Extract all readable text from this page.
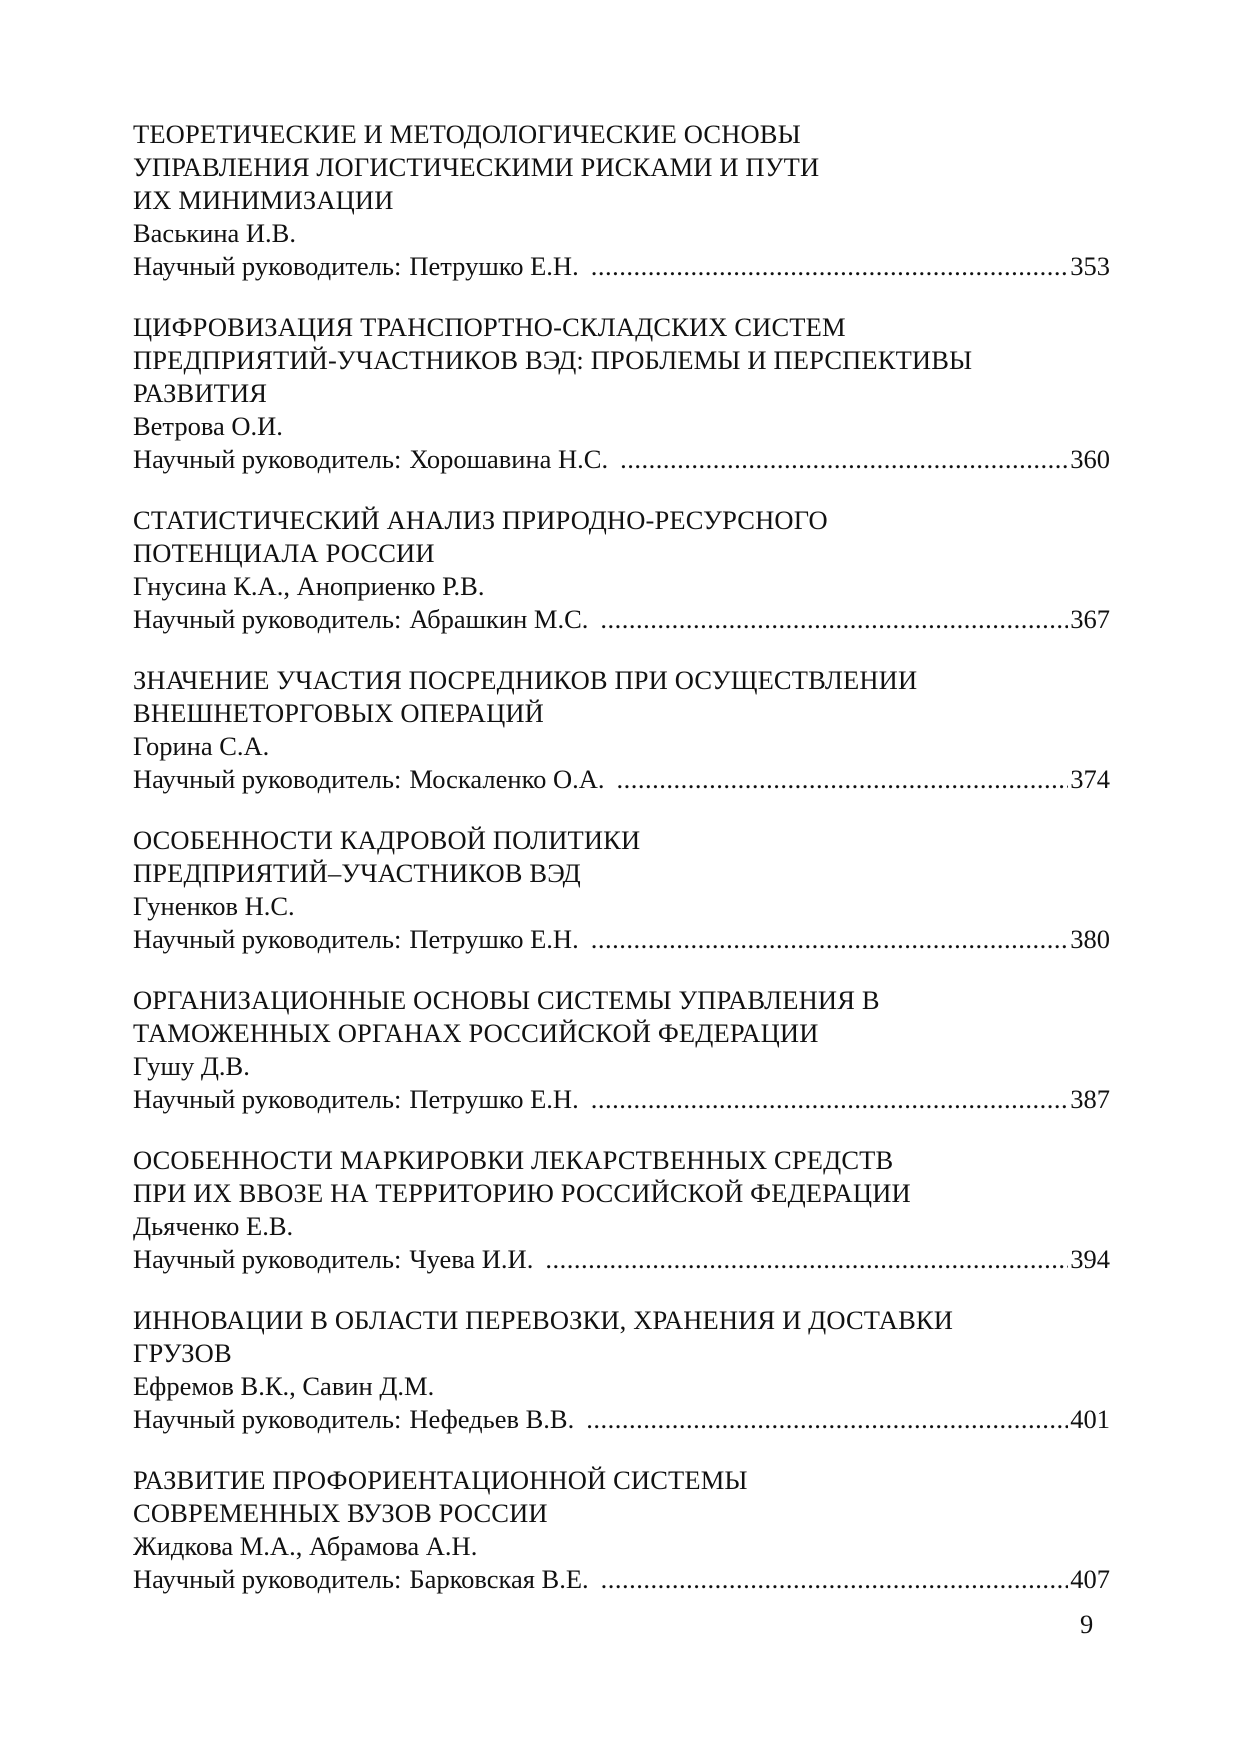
ТЕОРЕТИЧЕСКИЕ И МЕТОДОЛОГИЧЕСКИЕ ОСНОВЫ
УПРАВЛЕНИЯ ЛОГИСТИЧЕСКИМИ РИСКАМИ И ПУТИ
ИХ МИНИМИЗАЦИИ
Васькина И.В.
Научный руководитель: Петрушко Е.Н. .....	353
ЦИФРОВИЗАЦИЯ ТРАНСПОРТНО-СКЛАДСКИХ СИСТЕМ
ПРЕДПРИЯТИЙ-УЧАСТНИКОВ ВЭД: ПРОБЛЕМЫ И ПЕРСПЕКТИВЫ
РАЗВИТИЯ
Ветрова О.И.
Научный руководитель: Хорошавина Н.С. .....	360
СТАТИСТИЧЕСКИЙ АНАЛИЗ ПРИРОДНО-РЕСУРСНОГО
ПОТЕНЦИАЛА РОССИИ
Гнусина К.А., Аноприенко Р.В.
Научный руководитель: Абрашкин М.С. .....	367
ЗНАЧЕНИЕ УЧАСТИЯ ПОСРЕДНИКОВ ПРИ ОСУЩЕСТВЛЕНИИ
ВНЕШНЕТОРГОВЫХ ОПЕРАЦИЙ
Горина С.А.
Научный руководитель: Москаленко О.А. .....	374
ОСОБЕННОСТИ КАДРОВОЙ ПОЛИТИКИ
ПРЕДПРИЯТИЙ–УЧАСТНИКОВ ВЭД
Гуненков Н.С.
Научный руководитель: Петрушко Е.Н. .....	380
ОРГАНИЗАЦИОННЫЕ ОСНОВЫ СИСТЕМЫ УПРАВЛЕНИЯ В
ТАМОЖЕННЫХ ОРГАНАХ РОССИЙСКОЙ ФЕДЕРАЦИИ
Гушу Д.В.
Научный руководитель: Петрушко Е.Н. .....	387
ОСОБЕННОСТИ МАРКИРОВКИ ЛЕКАРСТВЕННЫХ СРЕДСТВ
ПРИ ИХ ВВОЗЕ НА ТЕРРИТОРИЮ РОССИЙСКОЙ ФЕДЕРАЦИИ
Дьяченко Е.В.
Научный руководитель: Чуева И.И. .....	394
ИННОВАЦИИ В ОБЛАСТИ ПЕРЕВОЗКИ, ХРАНЕНИЯ И ДОСТАВКИ
ГРУЗОВ
Ефремов В.К., Савин Д.М.
Научный руководитель: Нефедьев В.В. .....	401
РАЗВИТИЕ ПРОФОРИЕНТАЦИОННОЙ СИСТЕМЫ
СОВРЕМЕННЫХ ВУЗОВ РОССИИ
Жидкова М.А., Абрамова А.Н.
Научный руководитель: Барковская В.Е. .....	407
9
